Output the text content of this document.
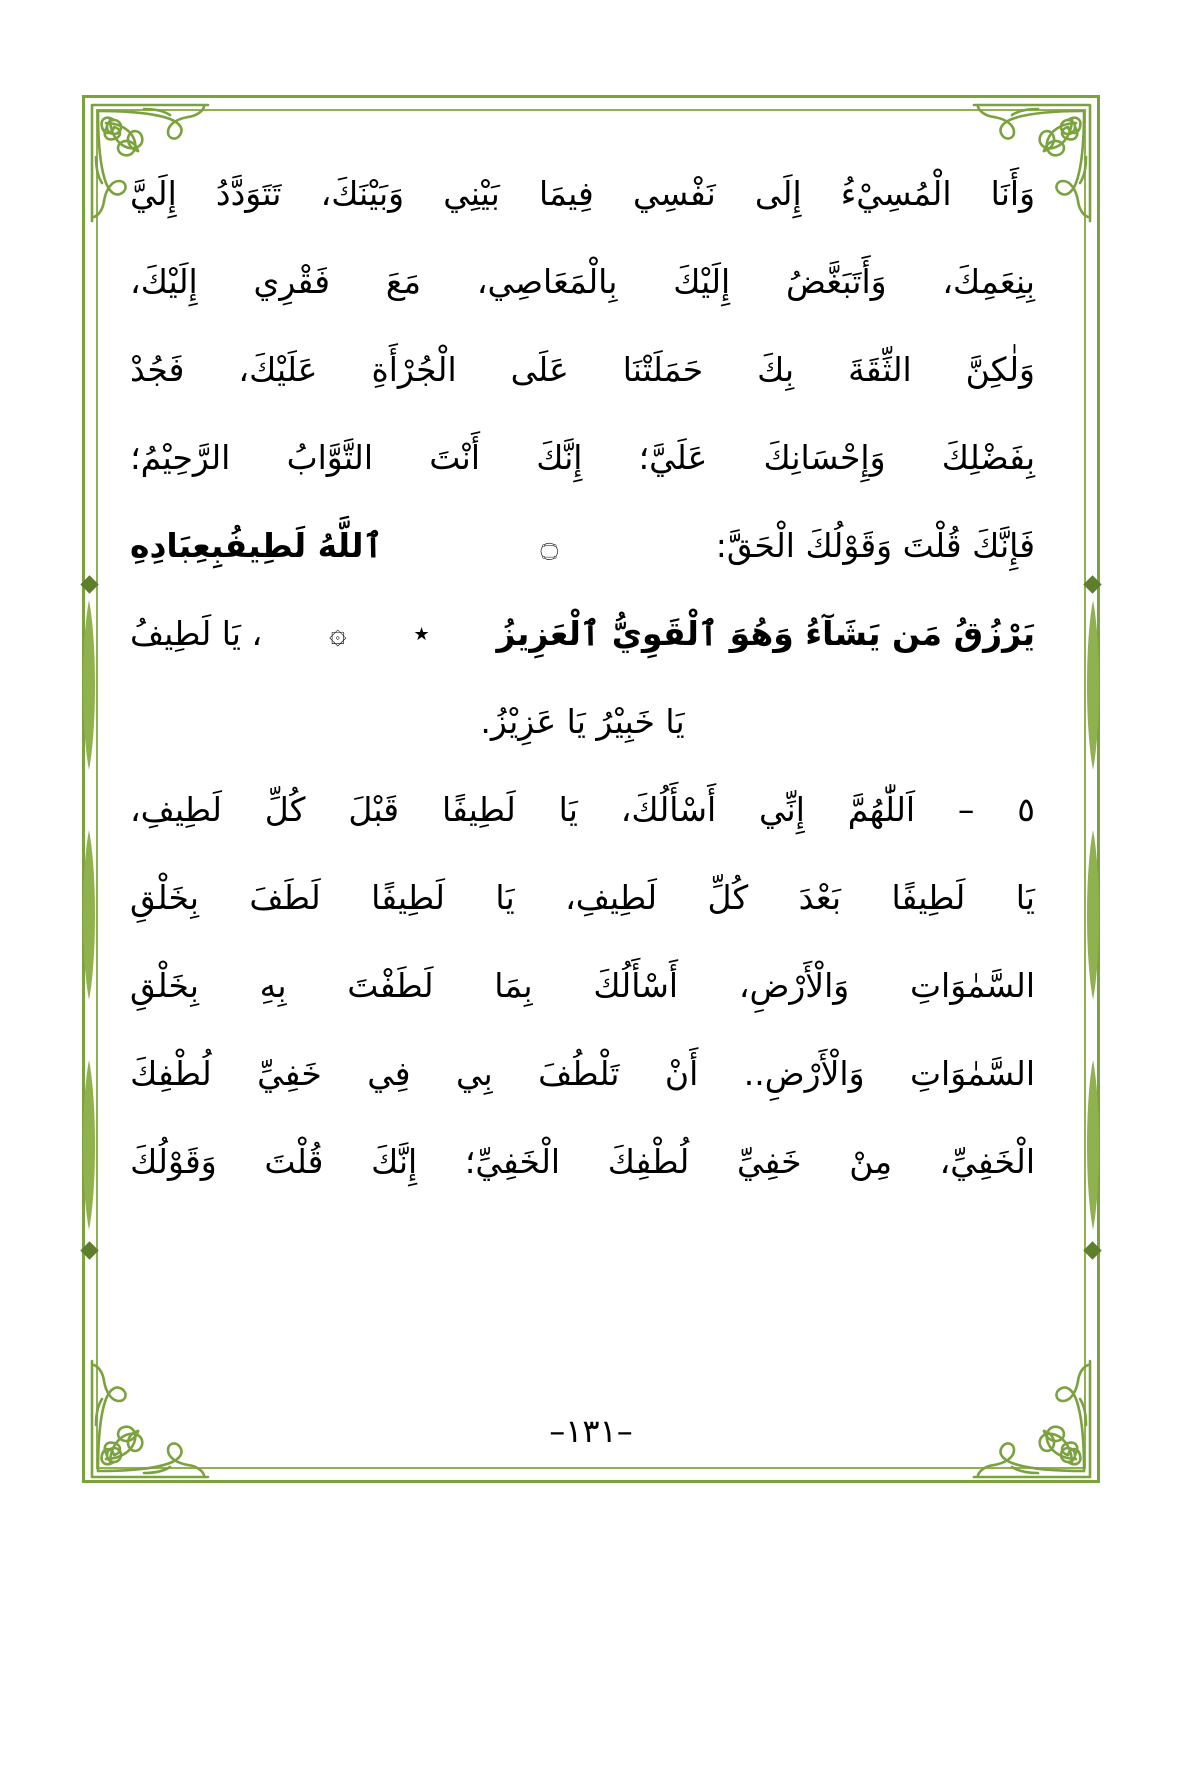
وَأَنَا
الْمُسِيْءُ
إِلَى
نَفْسِي
فِيمَا
بَيْنِي
وَبَيْنَكَ،
تَتَوَدَّدُ
إِلَيَّ
بِنِعَمِكَ،
وَأَتَبَغَّضُ
إِلَيْكَ
بِالْمَعَاصِي،
مَعَ
فَقْرِي
إِلَيْكَ،
وَلٰكِنَّ
الثِّقَةَ
بِكَ
حَمَلَتْنَا
عَلَى
الْجُرْأَةِ
عَلَيْكَ،
فَجُدْ
بِفَضْلِكَ
وَإِحْسَانِكَ
عَلَيَّ؛
إِنَّكَ
أَنْتَ
التَّوَّابُ
الرَّحِيْمُ؛
فَإِنَّكَ قُلْتَ وَقَوْلُكَ الْحَقَّّ:
۝
ٱللَّهُ لَطِيفُبِعِبَادِهِ
يَرْزُقُ مَن يَشَآءُ وَهُوَ ٱلْقَوِيُّ ٱلْعَزِيزُ
٭
۞
، يَا لَطِيفُ
يَا خَبِيْرُ يَا عَزِيْزُ.
٥
–
اَللّٰهُمَّ
إِنِّي
أَسْأَلُكَ،
يَا
لَطِيفًا
قَبْلَ
كُلِّ
لَطِيفِ،
يَا
لَطِيفًا
بَعْدَ
كُلِّ
لَطِيفِ،
يَا
لَطِيفًا
لَطَفَ
بِخَلْقِ
السَّمٰوَاتِ
وَالْأَرْضِ،
أَسْأَلُكَ
بِمَا
لَطَفْتَ
بِهِ
بِخَلْقِ
السَّمٰوَاتِ
وَالْأَرْضِ..
أَنْ
تَلْطُفَ
بِي
فِي
خَفِيِّ
لُطْفِكَ
الْخَفِيِّ،
مِنْ
خَفِيِّ
لُطْفِكَ
الْخَفِيِّ؛
إِنَّكَ
قُلْتَ
وَقَوْلُكَ
–١٣١–
